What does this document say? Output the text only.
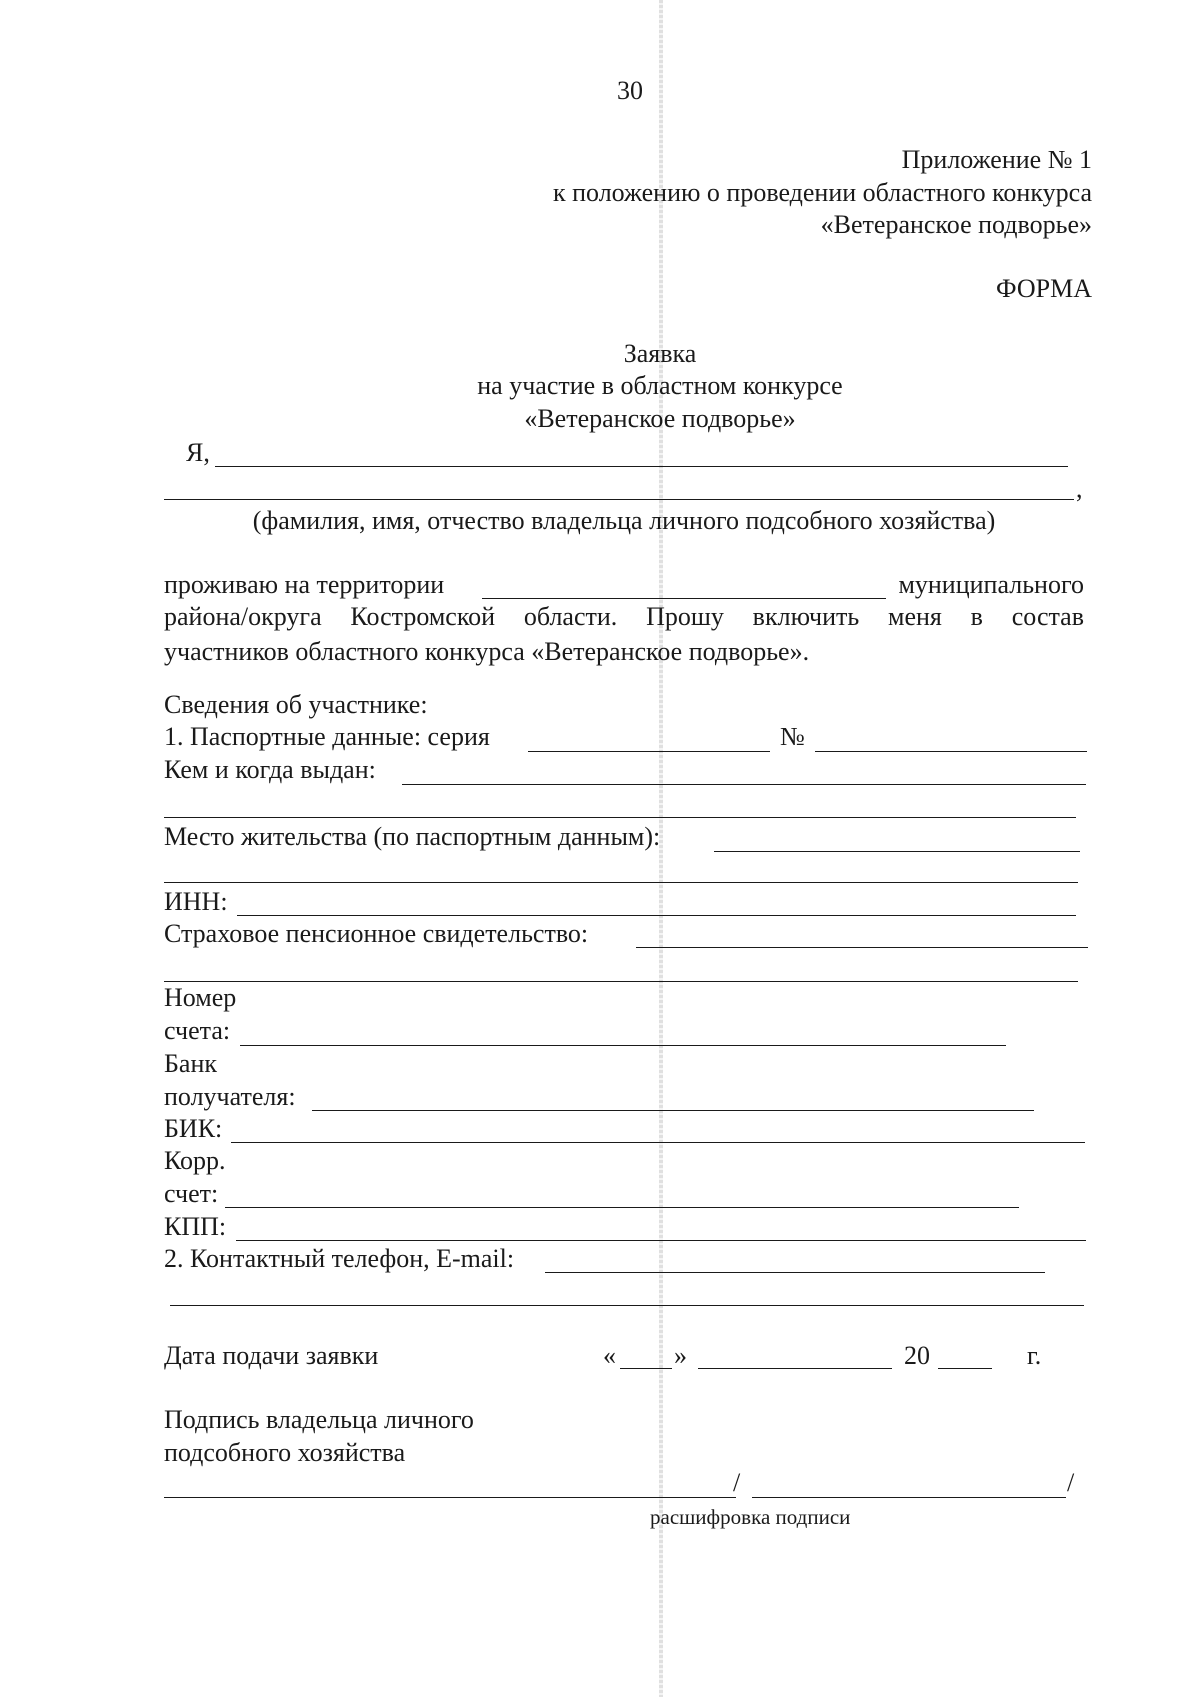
30
Приложение № 1
к положению о проведении областного конкурса
«Ветеранское подворье»
ФОРМА
Заявка
на участие в областном конкурсе
«Ветеранское подворье»
Я,
,
(фамилия, имя, отчество владельца личного подсобного хозяйства)
проживаю на территории	муниципального
района/округа Костромской области. Прошу включить меня в состав
участников областного конкурса «Ветеранское подворье».
Сведения об участнике:
1. Паспортные данные: серия	№
Кем и когда выдан:
Место жительства (по паспортным данным):
ИНН:
Страховое пенсионное свидетельство:
Номер
счета:
Банк
получателя:
БИК:
Корр.
счет:
КПП:
2. Контактный телефон, E-mail:
Дата подачи заявки	« »	20	г.
Подпись владельца личного
подсобного хозяйства
/	/
расшифровка подписи
